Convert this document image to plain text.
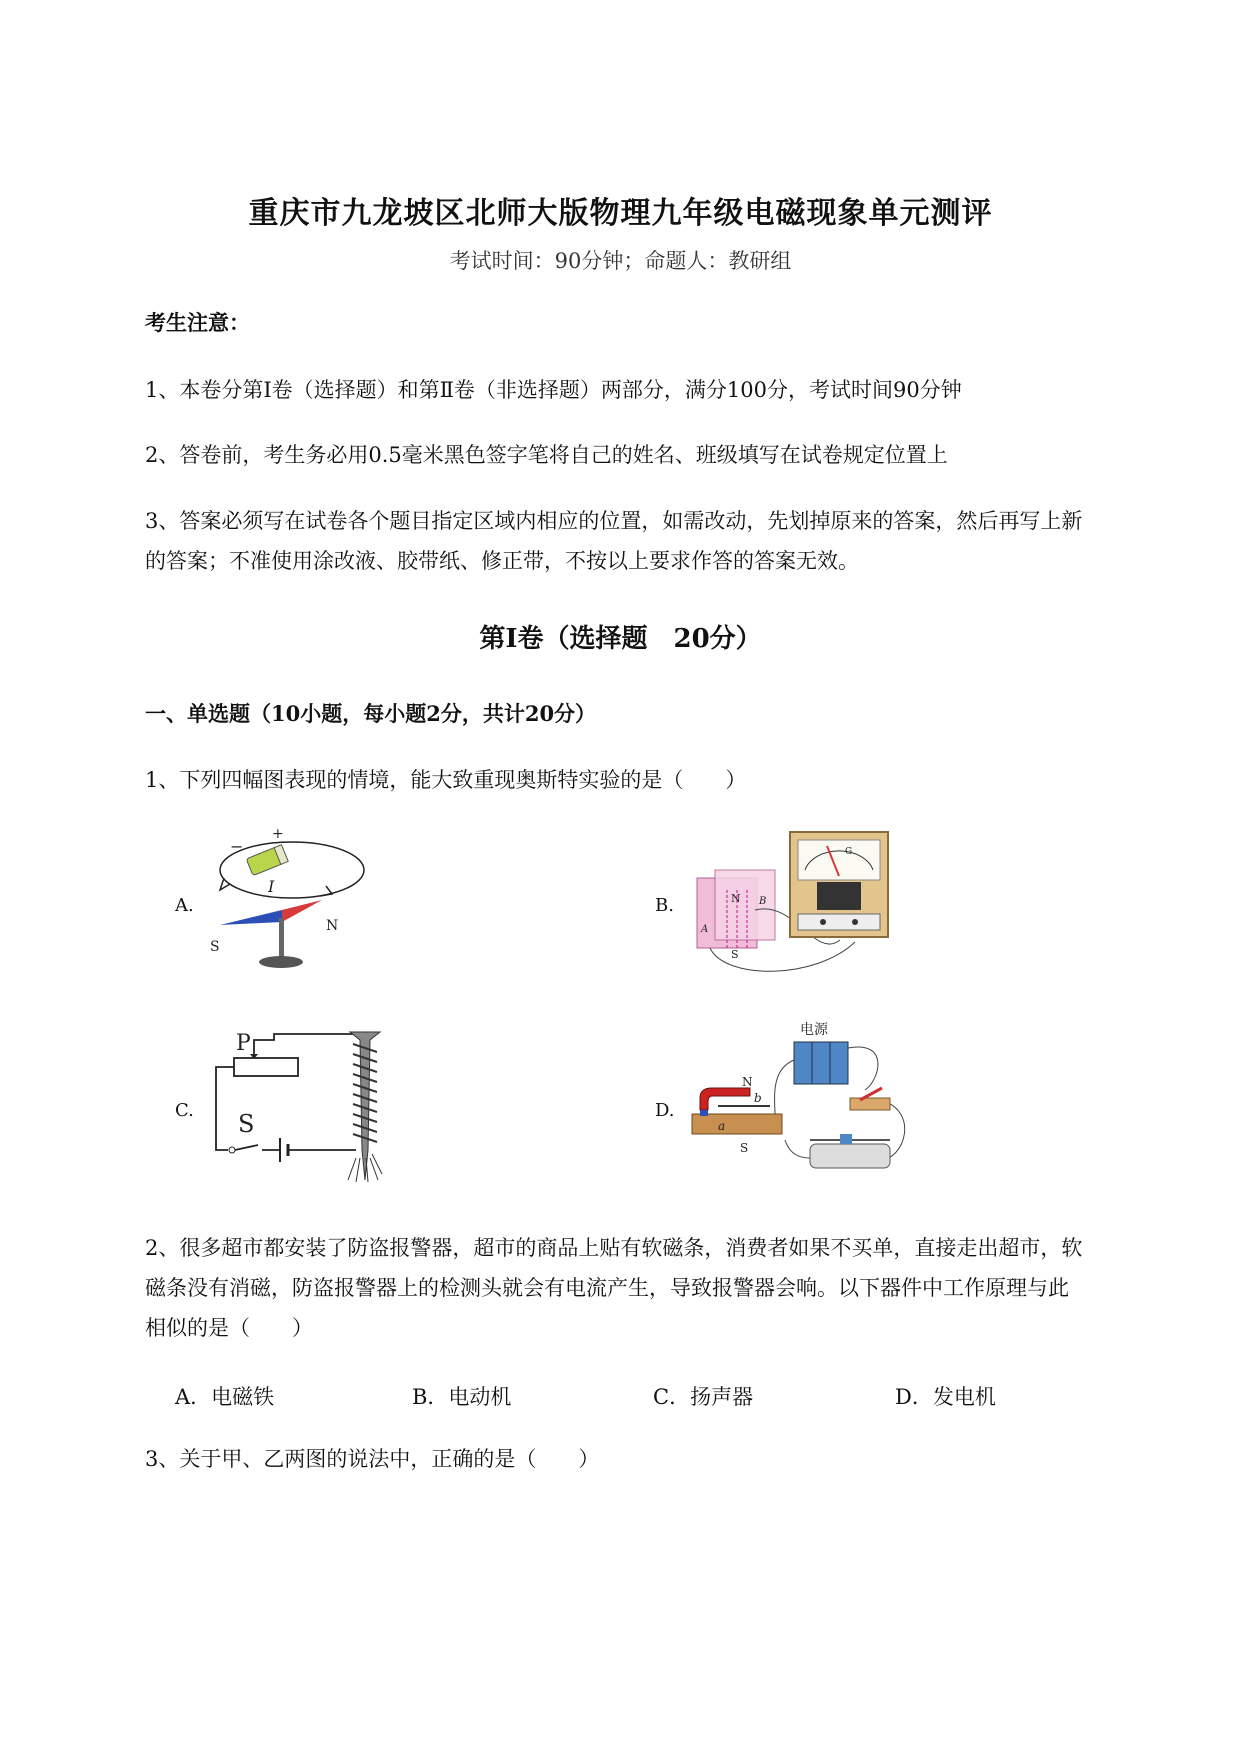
重庆市九龙坡区北师大版物理九年级电磁现象单元测评
考试时间：90分钟；命题人：教研组
考生注意：
1、本卷分第I卷（选择题）和第Ⅱ卷（非选择题）两部分，满分100分，考试时间90分钟
2、答卷前，考生务必用0.5毫米黑色签字笔将自己的姓名、班级填写在试卷规定位置上
3、答案必须写在试卷各个题目指定区域内相应的位置，如需改动，先划掉原来的答案，然后再写上新
的答案；不准使用涂改液、胶带纸、修正带，不按以上要求作答的答案无效。
第I卷（选择题　20分）
一、单选题（10小题，每小题2分，共计20分）
1、下列四幅图表现的情境，能大致重现奥斯特实验的是（　　）
A.
−
+
I
N
S
B.	N
S
A
B
G
C.
P
S	D.
电源
N
S
a
b
2、很多超市都安装了防盗报警器，超市的商品上贴有软磁条，消费者如果不买单，直接走出超市，软
磁条没有消磁，防盗报警器上的检测头就会有电流产生，导致报警器会响。以下器件中工作原理与此
相似的是（　　）
A．电磁铁	B．电动机	C．扬声器	D．发电机
3、关于甲、乙两图的说法中，正确的是（　　）
